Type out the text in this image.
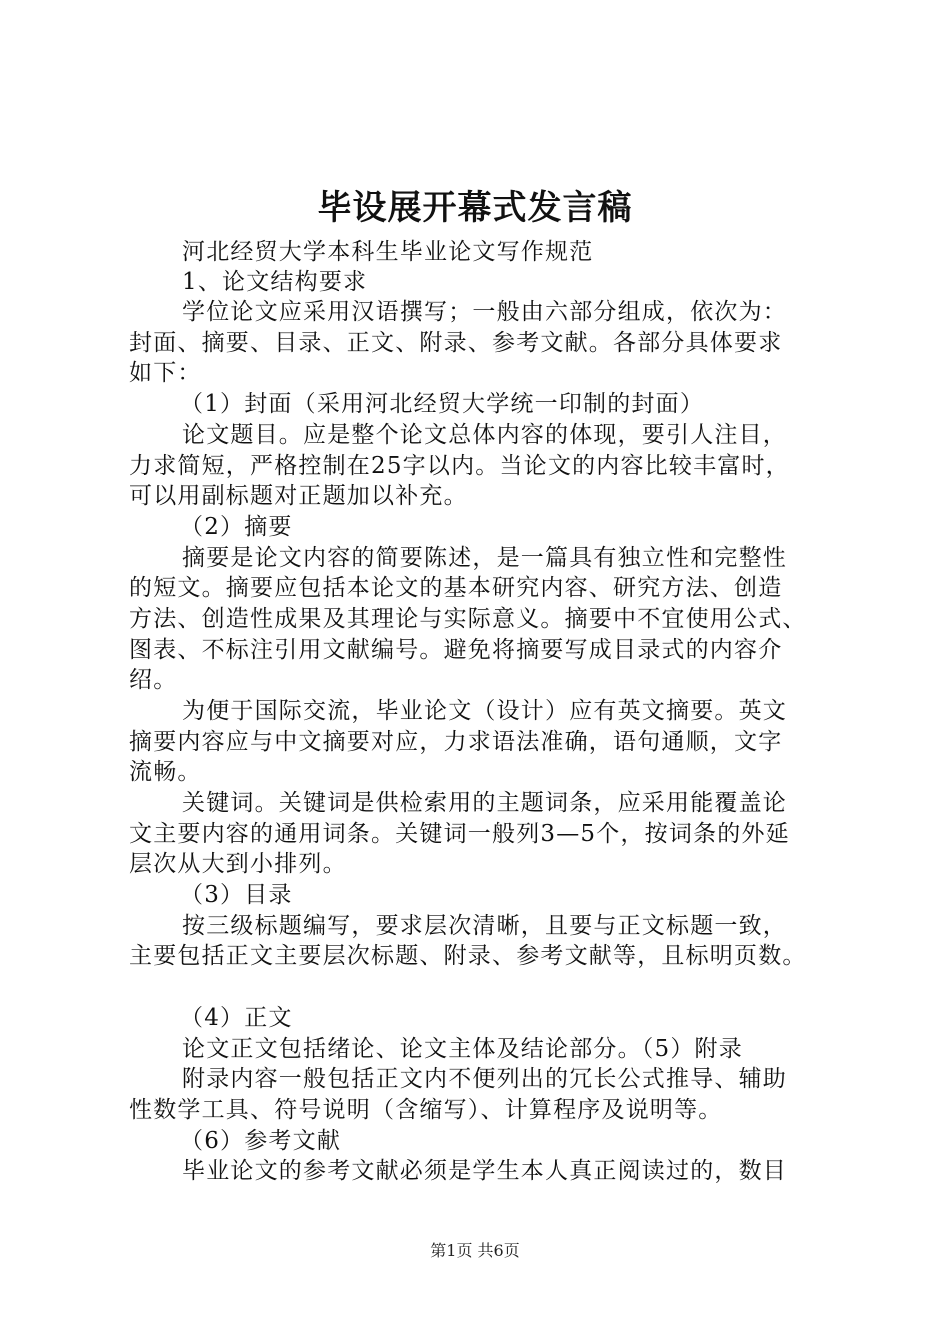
毕设展开幕式发言稿
河北经贸大学本科生毕业论文写作规范
1、论文结构要求
学位论文应采用汉语撰写；一般由六部分组成，依次为：
封面、摘要、目录、正文、附录、参考文献。各部分具体要求
如下：
（1）封面（采用河北经贸大学统一印制的封面）
论文题目。应是整个论文总体内容的体现，要引人注目，
力求简短，严格控制在25字以内。当论文的内容比较丰富时，
可以用副标题对正题加以补充。
（2）摘要
摘要是论文内容的简要陈述，是一篇具有独立性和完整性
的短文。摘要应包括本论文的基本研究内容、研究方法、创造
方法、创造性成果及其理论与实际意义。摘要中不宜使用公式、
图表、不标注引用文献编号。避免将摘要写成目录式的内容介
绍。
为便于国际交流，毕业论文（设计）应有英文摘要。英文
摘要内容应与中文摘要对应，力求语法准确，语句通顺，文字
流畅。
关键词。关键词是供检索用的主题词条，应采用能覆盖论
文主要内容的通用词条。关键词一般列3—5个，按词条的外延
层次从大到小排列。
（3）目录
按三级标题编写，要求层次清晰，且要与正文标题一致，
主要包括正文主要层次标题、附录、参考文献等，且标明页数。
（4）正文
论文正文包括绪论、论文主体及结论部分。（5）附录
附录内容一般包括正文内不便列出的冗长公式推导、辅助
性数学工具、符号说明（含缩写）、计算程序及说明等。
（6）参考文献
毕业论文的参考文献必须是学生本人真正阅读过的，数目
第1页 共6页
